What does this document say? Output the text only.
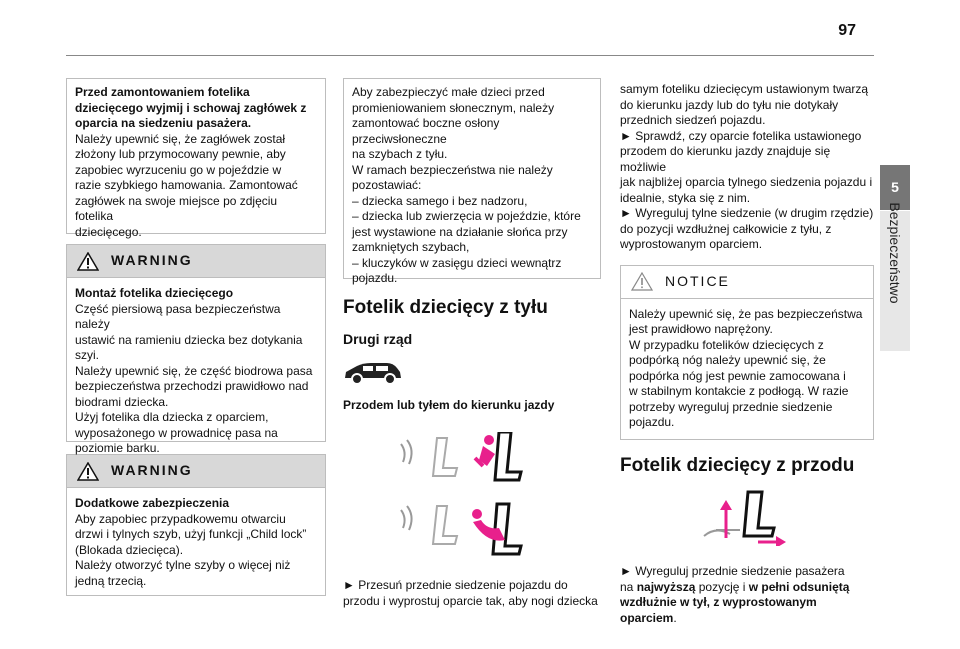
97
5
Bezpieczeństwo

Przed zamontowaniem fotelika dziecięcego wyjmij i schowaj zagłówek z oparcia na siedzeniu pasażera.

Należy upewnić się, że zagłówek został

złożony lub przymocowany pewnie, aby

zapobiec wyrzuceniu go w pojeździe w

razie szybkiego hamowania. Zamontować

zagłówek na swoje miejsce po zdjęciu fotelika

dziecięcego.

WARNING

Montaż fotelika dziecięcego

Część piersiową pasa bezpieczeństwa należy

ustawić na ramieniu dziecka bez dotykania

szyi.

Należy upewnić się, że część biodrowa pasa

bezpieczeństwa przechodzi prawidłowo nad

biodrami dziecka.

Użyj fotelika dla dziecka z oparciem,

wyposażonego w prowadnicę pasa na

poziomie barku.

WARNING

Dodatkowe zabezpieczenia

Aby zapobiec przypadkowemu otwarciu

drzwi i tylnych szyb, użyj funkcji „Child lock”

(Blokada dziecięca).

Należy otworzyć tylne szyby o więcej niż

jedną trzecią.

Aby zabezpieczyć małe dzieci przed

promieniowaniem słonecznym, należy

zamontować boczne osłony przeciwsłoneczne

na szybach z tyłu.

W ramach bezpieczeństwa nie należy

pozostawiać:

– dziecka samego i bez nadzoru,

– dziecka lub zwierzęcia w pojeździe, które

jest wystawione na działanie słońca przy

zamkniętych szybach,

– kluczyków w zasięgu dzieci wewnątrz

pojazdu.

Fotelik dziecięcy z tyłu
Drugi rząd
Przodem lub tyłem do kierunku jazdy

► Przesuń przednie siedzenie pojazdu do

przodu i wyprostuj oparcie tak, aby nogi dziecka

samym foteliku dziecięcym ustawionym twarzą

do kierunku jazdy lub do tyłu nie dotykały

przednich siedzeń pojazdu.

► Sprawdź, czy oparcie fotelika ustawionego

przodem do kierunku jazdy znajduje się możliwie

jak najbliżej oparcia tylnego siedzenia pojazdu i

idealnie, styka się z nim.

► Wyreguluj tylne siedzenie (w drugim rzędzie)

do pozycji wzdłużnej całkowicie z tyłu, z

wyprostowanym oparciem.

NOTICE

Należy upewnić się, że pas bezpieczeństwa

jest prawidłowo naprężony.

W przypadku fotelików dziecięcych z

podpórką nóg należy upewnić się, że

podpórka nóg jest pewnie zamocowana i

w stabilnym kontakcie z podłogą. W razie

potrzeby wyreguluj przednie siedzenie

pojazdu.

Fotelik dziecięcy z przodu

► Wyreguluj przednie siedzenie pasażera

na najwyższą pozycję i w pełni odsuniętą

wzdłużnie w tył, z wyprostowanym oparciem.
